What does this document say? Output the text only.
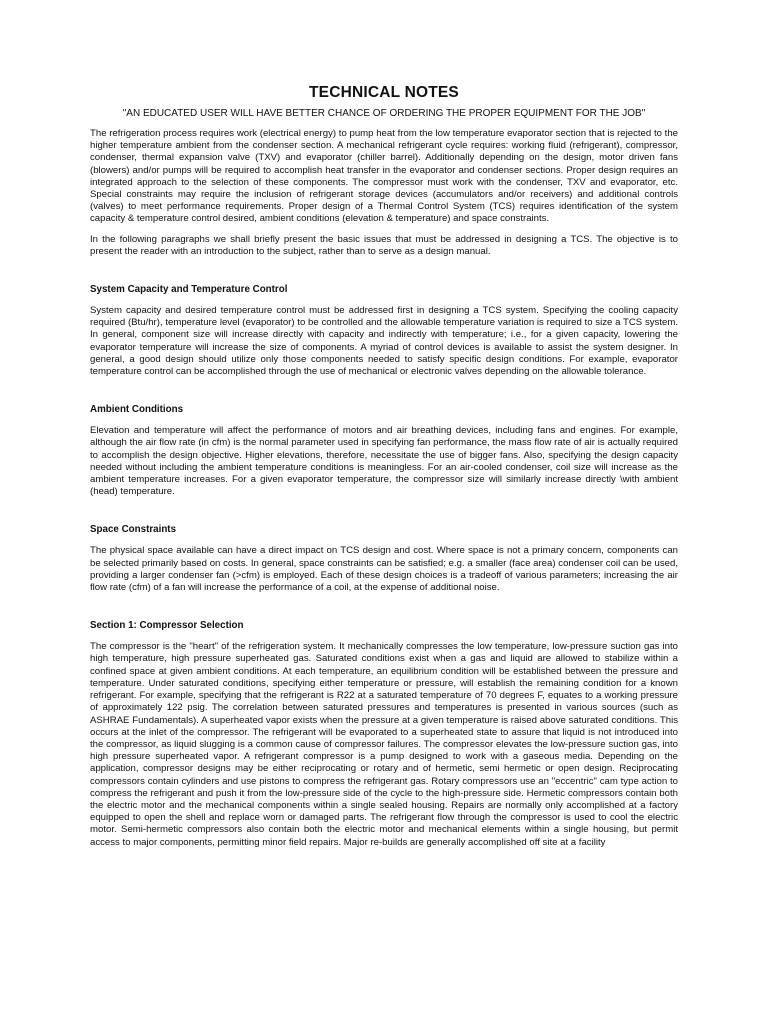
TECHNICAL NOTES
"AN EDUCATED USER WILL HAVE BETTER CHANCE OF ORDERING THE PROPER EQUIPMENT FOR THE JOB"

The refrigeration process requires work (electrical energy) to pump heat from the low temperature evaporator section that is rejected to the higher temperature ambient from the condenser section. A mechanical refrigerant cycle requires: working fluid (refrigerant), compressor, condenser, thermal expansion valve (TXV) and evaporator (chiller barrel). Additionally depending on the design, motor driven fans (blowers) and/or pumps will be required to accomplish heat transfer in the evaporator and condenser sections. Proper design requires an integrated approach to the selection of these components. The compressor must work with the condenser, TXV and evaporator, etc. Special constraints may require the inclusion of refrigerant storage devices (accumulators and/or receivers) and additional controls (valves) to meet performance requirements. Proper design of a Thermal Control System (TCS) requires identification of the system capacity & temperature control desired, ambient conditions (elevation & temperature) and space constraints.

In the following paragraphs we shall briefly present the basic issues that must be addressed in designing a TCS. The objective is to present the reader with an introduction to the subject, rather than to serve as a design manual.

System Capacity and Temperature Control

System capacity and desired temperature control must be addressed first in designing a TCS system. Specifying the cooling capacity required (Btu/hr), temperature level (evaporator) to be controlled and the allowable temperature variation is required to size a TCS system. In general, component size will increase directly with capacity and indirectly with temperature; i.e., for a given capacity, lowering the evaporator temperature will increase the size of components. A myriad of control devices is available to assist the system designer. In general, a good design should utilize only those components needed to satisfy specific design conditions. For example, evaporator temperature control can be accomplished through the use of mechanical or electronic valves depending on the allowable tolerance.

Ambient Conditions

Elevation and temperature will affect the performance of motors and air breathing devices, including fans and engines. For example, although the air flow rate (in cfm) is the normal parameter used in specifying fan performance, the mass flow rate of air is actually required to accomplish the design objective. Higher elevations, therefore, necessitate the use of bigger fans. Also, specifying the design capacity needed without including the ambient temperature conditions is meaningless. For an air-cooled condenser, coil size will increase as the ambient temperature increases. For a given evaporator temperature, the compressor size will similarly increase directly \with ambient (head) temperature.

Space Constraints

The physical space available can have a direct impact on TCS design and cost. Where space is not a primary concern, components can be selected primarily based on costs. In general, space constraints can be satisfied; e.g. a smaller (face area) condenser coil can be used, providing a larger condenser fan (>cfm) is employed. Each of these design choices is a tradeoff of various parameters; increasing the air flow rate (cfm) of a fan will increase the performance of a coil, at the expense of additional noise.

Section 1: Compressor Selection

The compressor is the "heart" of the refrigeration system. It mechanically compresses the low temperature, low-pressure suction gas into high temperature, high pressure superheated gas. Saturated conditions exist when a gas and liquid are allowed to stabilize within a confined space at given ambient conditions. At each temperature, an equilibrium condition will be established between the pressure and temperature. Under saturated conditions, specifying either temperature or pressure, will establish the remaining condition for a known refrigerant. For example, specifying that the refrigerant is R22 at a saturated temperature of 70 degrees F, equates to a working pressure of approximately 122 psig. The correlation between saturated pressures and temperatures is presented in various sources (such as ASHRAE Fundamentals). A superheated vapor exists when the pressure at a given temperature is raised above saturated conditions. This occurs at the inlet of the compressor. The refrigerant will be evaporated to a superheated state to assure that liquid is not introduced into the compressor, as liquid slugging is a common cause of compressor failures. The compressor elevates the low-pressure suction gas, into high pressure superheated vapor. A refrigerant compressor is a pump designed to work with a gaseous media. Depending on the application, compressor designs may be either reciprocating or rotary and of hermetic, semi hermetic or open design. Reciprocating compressors contain cylinders and use pistons to compress the refrigerant gas. Rotary compressors use an "eccentric" cam type action to compress the refrigerant and push it from the low-pressure side of the cycle to the high-pressure side. Hermetic compressors contain both the electric motor and the mechanical components within a single sealed housing. Repairs are normally only accomplished at a factory equipped to open the shell and replace worn or damaged parts. The refrigerant flow through the compressor is used to cool the electric motor. Semi-hermetic compressors also contain both the electric motor and mechanical elements within a single housing, but permit access to major components, permitting minor field repairs. Major re-builds are generally accomplished off site at a facility
